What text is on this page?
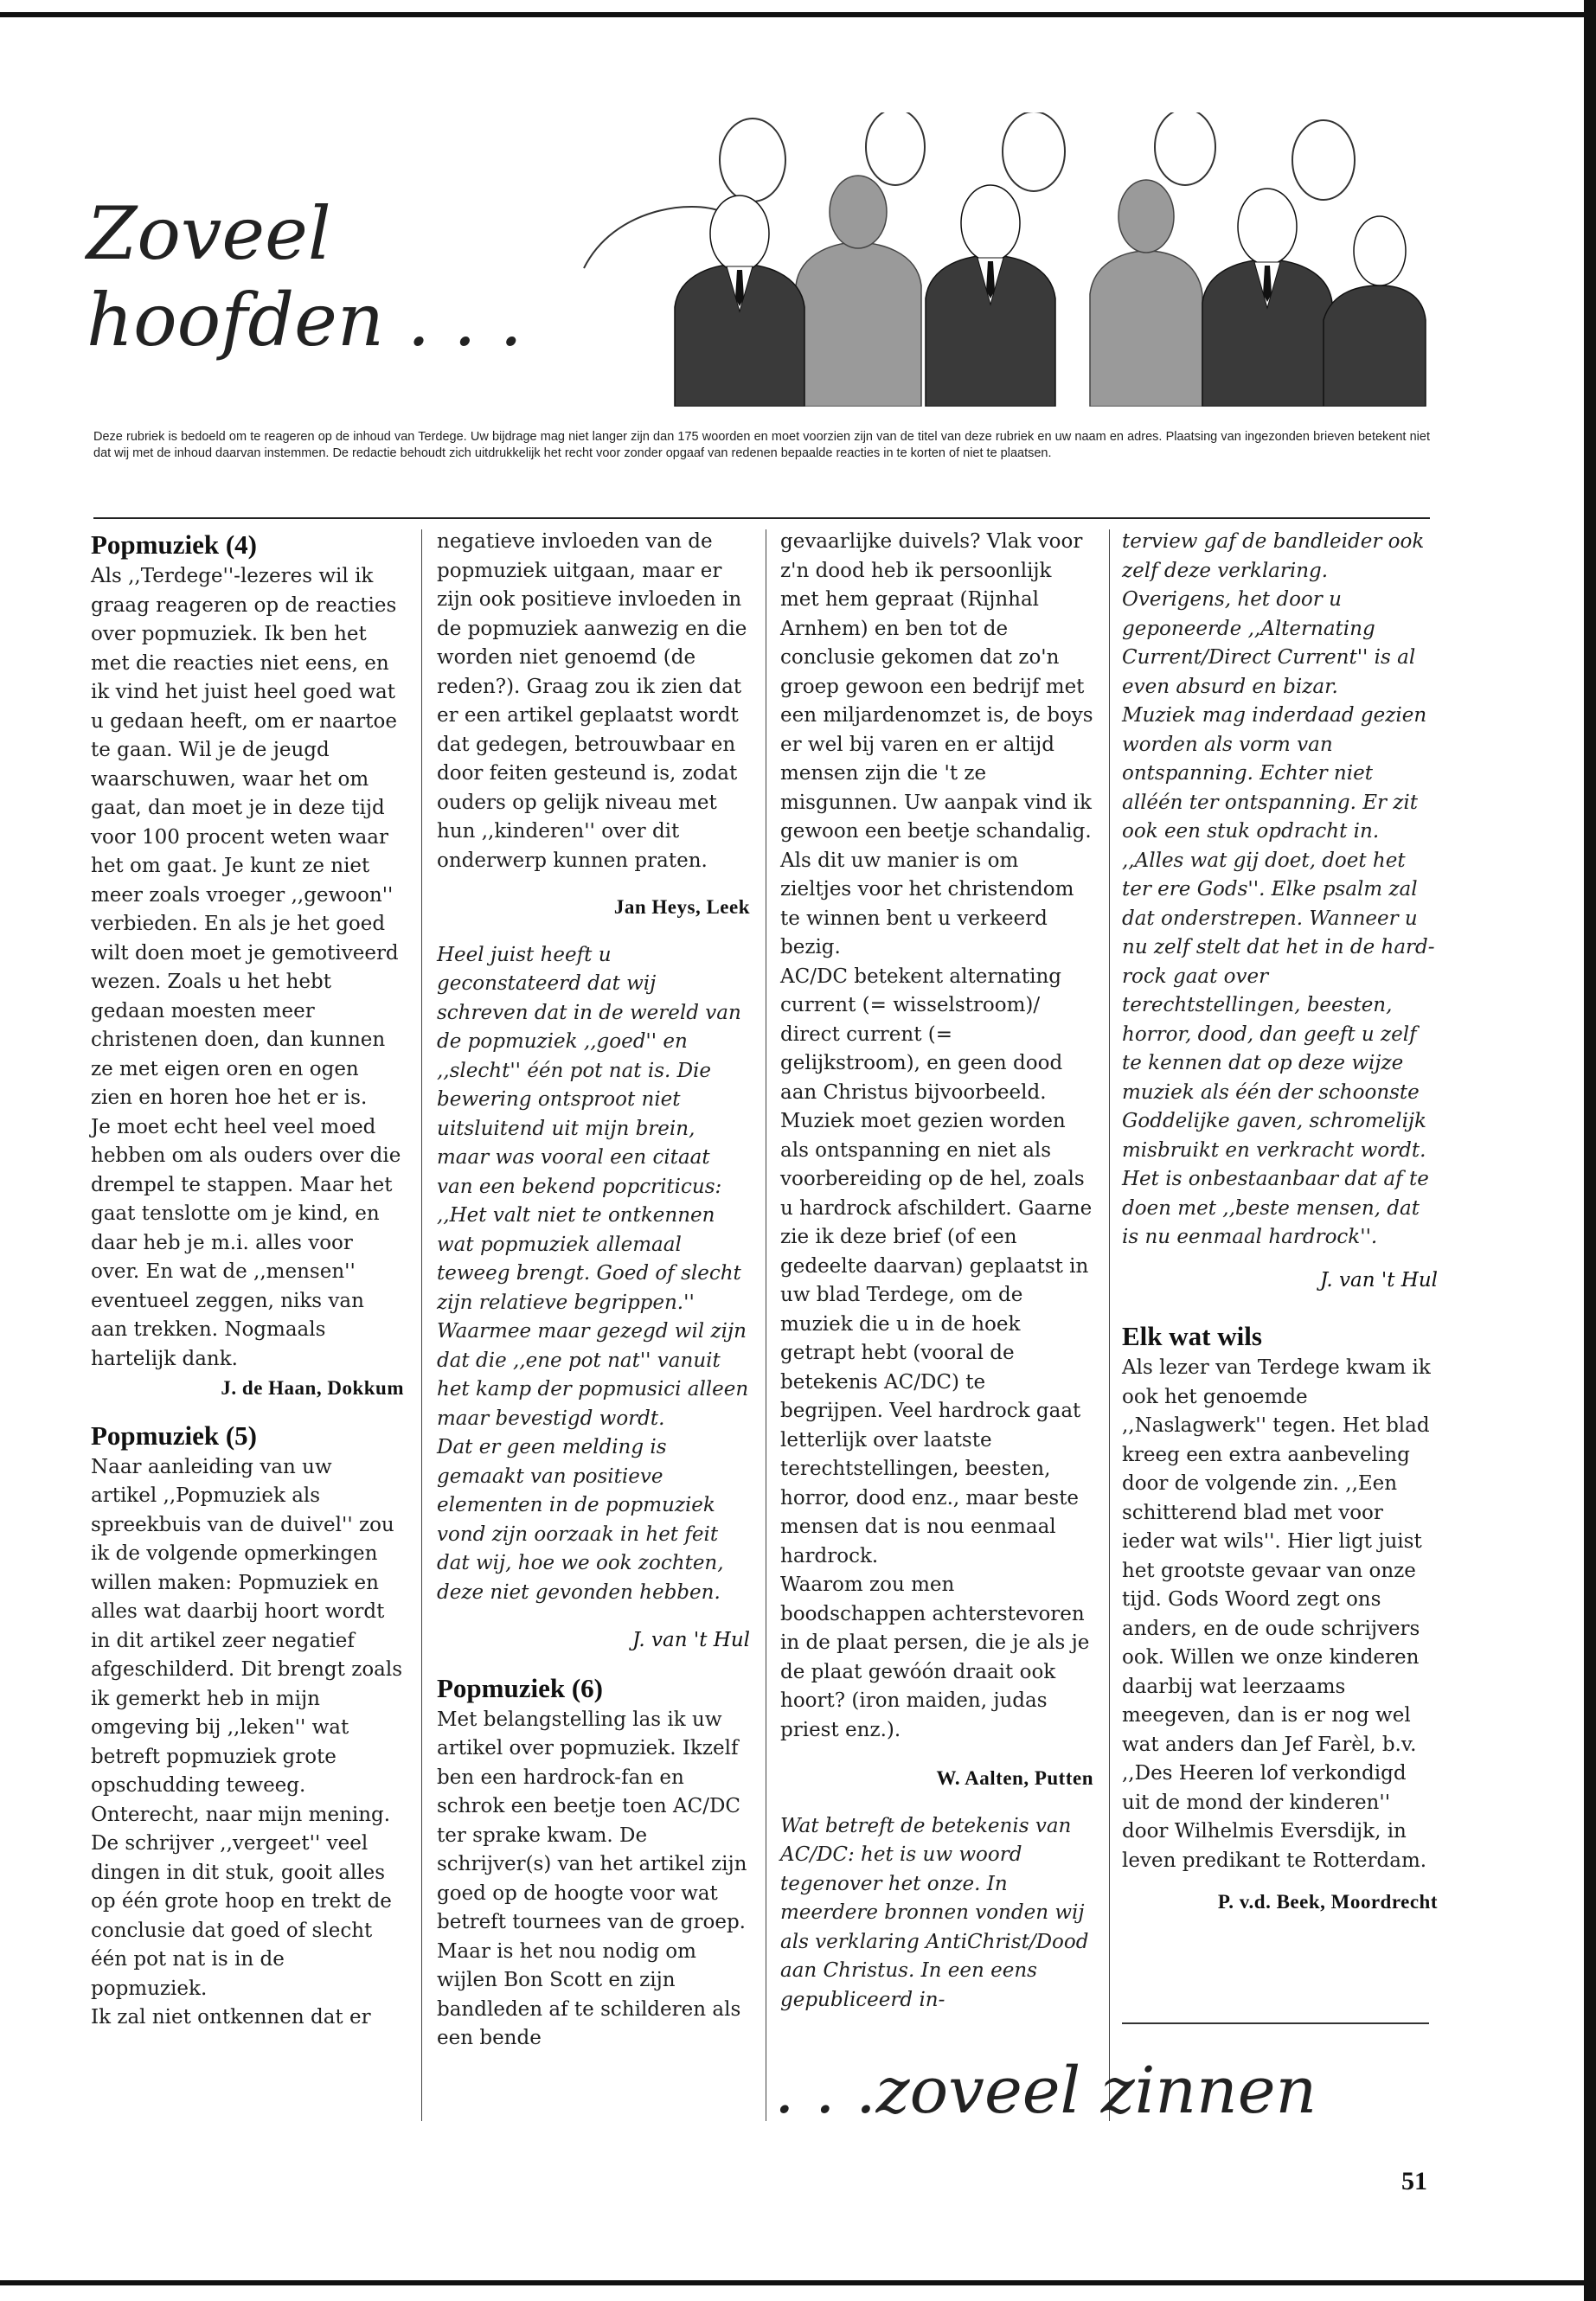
Zoveel
hoofden . . .
Deze rubriek is bedoeld om te reageren op de inhoud van Terdege. Uw bijdrage mag niet langer zijn dan 175 woorden en moet voorzien zijn van de titel van deze rubriek en uw naam en adres. Plaatsing van ingezonden brieven betekent niet dat wij met de inhoud daarvan instemmen. De redactie behoudt zich uitdrukkelijk het recht voor zonder opgaaf van redenen bepaalde reacties in te korten of niet te plaatsen.
Popmuziek (4)

Als ,,Terdege''-lezeres wil ik graag reageren op de reacties over popmuziek. Ik ben het met die reacties niet eens, en ik vind het juist heel goed wat u gedaan heeft, om er naartoe te gaan. Wil je de jeugd waarschuwen, waar het om gaat, dan moet je in deze tijd voor 100 procent weten waar het om gaat. Je kunt ze niet meer zoals vroeger ,,gewoon'' verbieden. En als je het goed wilt doen moet je gemotiveerd wezen. Zoals u het hebt gedaan moesten meer christenen doen, dan kunnen ze met eigen oren en ogen zien en horen hoe het er is.
Je moet echt heel veel moed hebben om als ouders over die drempel te stappen. Maar het gaat tenslotte om je kind, en daar heb je m.i. alles voor over. En wat de ,,mensen'' eventueel zeggen, niks van aan trekken. Nogmaals hartelijk dank.

J. de Haan, Dokkum

Popmuziek (5)

Naar aanleiding van uw artikel ,,Popmuziek als spreekbuis van de duivel'' zou ik de volgende opmerkingen willen maken: Popmuziek en alles wat daarbij hoort wordt in dit artikel zeer negatief afgeschilderd. Dit brengt zoals ik gemerkt heb in mijn omgeving bij ,,leken'' wat betreft popmuziek grote opschudding teweeg. Onterecht, naar mijn mening. De schrijver ,,vergeet'' veel dingen in dit stuk, gooit alles op één grote hoop en trekt de conclusie dat goed of slecht één pot nat is in de popmuziek.
Ik zal niet ontkennen dat er

negatieve invloeden van de popmuziek uitgaan, maar er zijn ook positieve invloeden in de popmuziek aanwezig en die worden niet genoemd (de reden?). Graag zou ik zien dat er een artikel geplaatst wordt dat gedegen, betrouwbaar en door feiten gesteund is, zodat ouders op gelijk niveau met hun ,,kinderen'' over dit onderwerp kunnen praten.

Jan Heys, Leek

Heel juist heeft u geconstateerd dat wij schreven dat in de wereld van de popmuziek ,,goed'' en ,,slecht'' één pot nat is. Die bewering ontsproot niet uitsluitend uit mijn brein, maar was vooral een citaat van een bekend popcriticus: ,,Het valt niet te ontkennen wat popmuziek allemaal teweeg brengt. Goed of slecht zijn relatieve begrippen.'' Waarmee maar gezegd wil zijn dat die ,,ene pot nat'' vanuit het kamp der popmusici alleen maar bevestigd wordt.
Dat er geen melding is gemaakt van positieve elementen in de popmuziek vond zijn oorzaak in het feit dat wij, hoe we ook zochten, deze niet gevonden hebben.

J. van 't Hul

Popmuziek (6)

Met belangstelling las ik uw artikel over popmuziek. Ikzelf ben een hardrock-fan en schrok een beetje toen AC/DC ter sprake kwam. De schrijver(s) van het artikel zijn goed op de hoogte voor wat betreft tournees van de groep. Maar is het nou nodig om wijlen Bon Scott en zijn bandleden af te schilderen als een bende

gevaarlijke duivels? Vlak voor z'n dood heb ik persoonlijk met hem gepraat (Rijnhal Arnhem) en ben tot de conclusie gekomen dat zo'n groep gewoon een bedrijf met een miljardenomzet is, de boys er wel bij varen en er altijd mensen zijn die 't ze misgunnen. Uw aanpak vind ik gewoon een beetje schandalig. Als dit uw manier is om zieltjes voor het christendom te winnen bent u verkeerd bezig.
AC/DC betekent alternating current (= wisselstroom)/ direct current (= gelijkstroom), en geen dood aan Christus bijvoorbeeld. Muziek moet gezien worden als ontspanning en niet als voorbereiding op de hel, zoals u hardrock afschildert. Gaarne zie ik deze brief (of een gedeelte daarvan) geplaatst in uw blad Terdege, om de muziek die u in de hoek getrapt hebt (vooral de betekenis AC/DC) te begrijpen. Veel hardrock gaat letterlijk over laatste terechtstellingen, beesten, horror, dood enz., maar beste mensen dat is nou eenmaal hardrock.
Waarom zou men boodschappen achterstevoren in de plaat persen, die je als je de plaat gewóón draait ook hoort? (iron maiden, judas priest enz.).

W. Aalten, Putten

Wat betreft de betekenis van AC/DC: het is uw woord tegenover het onze. In meerdere bronnen vonden wij als verklaring AntiChrist/Dood aan Christus. In een eens gepubliceerd in-

terview gaf de bandleider ook zelf deze verklaring.
Overigens, het door u geponeerde ,,Alternating Current/Direct Current'' is al even absurd en bizar.
Muziek mag inderdaad gezien worden als vorm van ontspanning. Echter niet alléén ter ontspanning. Er zit ook een stuk opdracht in. ,,Alles wat gij doet, doet het ter ere Gods''. Elke psalm zal dat onderstrepen. Wanneer u nu zelf stelt dat het in de hard-rock gaat over terechtstellingen, beesten, horror, dood, dan geeft u zelf te kennen dat op deze wijze muziek als één der schoonste Goddelijke gaven, schromelijk misbruikt en verkracht wordt. Het is onbestaanbaar dat af te doen met ,,beste mensen, dat is nu eenmaal hardrock''.

J. van 't Hul

Elk wat wils

Als lezer van Terdege kwam ik ook het genoemde ,,Naslagwerk'' tegen. Het blad kreeg een extra aanbeveling door de volgende zin. ,,Een schitterend blad met voor ieder wat wils''. Hier ligt juist het grootste gevaar van onze tijd. Gods Woord zegt ons anders, en de oude schrijvers ook. Willen we onze kinderen daarbij wat leerzaams meegeven, dan is er nog wel wat anders dan Jef Farèl, b.v. ,,Des Heeren lof verkondigd uit de mond der kinderen'' door Wilhelmis Eversdijk, in leven predikant te Rotterdam.

P. v.d. Beek, Moordrecht

. . .zoveel zinnen
51
